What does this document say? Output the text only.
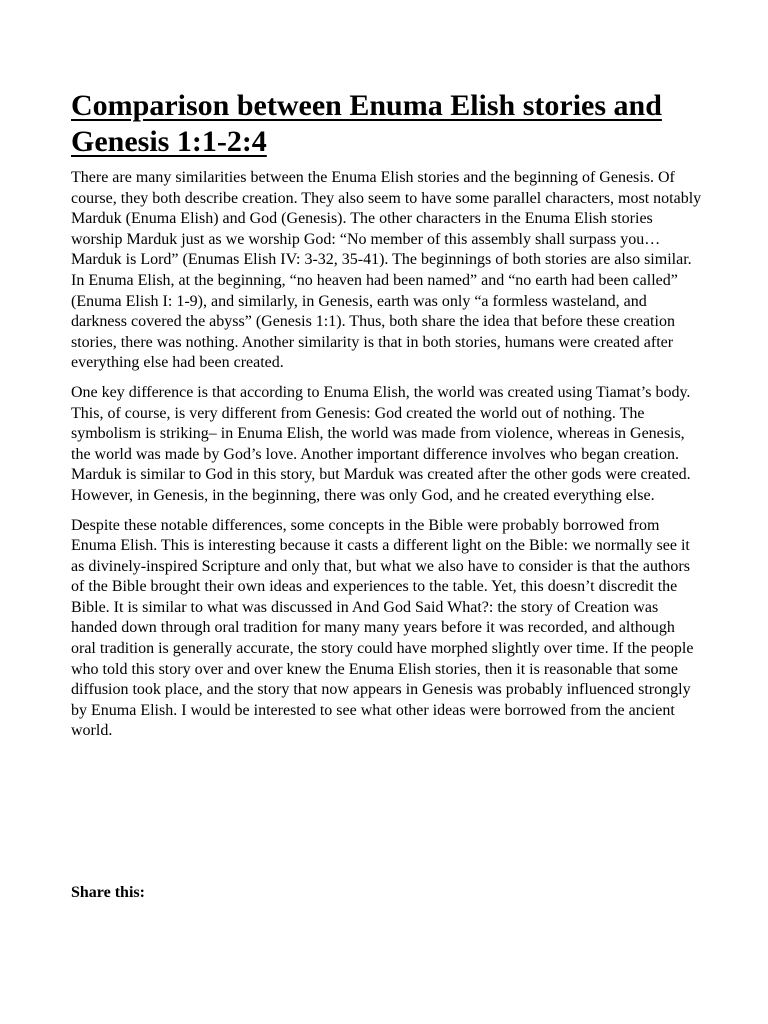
Comparison between Enuma Elish stories and Genesis 1:1-2:4

There are many similarities between the Enuma Elish stories and the beginning of Genesis. Of course, they both describe creation. They also seem to have some parallel characters, most notably Marduk (Enuma Elish) and God (Genesis). The other characters in the Enuma Elish stories worship Marduk just as we worship God: “No member of this assembly shall surpass you…Marduk is Lord” (Enumas Elish IV: 3-32, 35-41). The beginnings of both stories are also similar. In Enuma Elish, at the beginning, “no heaven had been named” and “no earth had been called” (Enuma Elish I: 1-9), and similarly, in Genesis, earth was only “a formless wasteland, and darkness covered the abyss” (Genesis 1:1). Thus, both share the idea that before these creation stories, there was nothing. Another similarity is that in both stories, humans were created after everything else had been created.

One key difference is that according to Enuma Elish, the world was created using Tiamat’s body. This, of course, is very different from Genesis: God created the world out of nothing. The symbolism is striking– in Enuma Elish, the world was made from violence, whereas in Genesis, the world was made by God’s love. Another important difference involves who began creation. Marduk is similar to God in this story, but Marduk was created after the other gods were created. However, in Genesis, in the beginning, there was only God, and he created everything else.

Despite these notable differences, some concepts in the Bible were probably borrowed from Enuma Elish. This is interesting because it casts a different light on the Bible: we normally see it as divinely-inspired Scripture and only that, but what we also have to consider is that the authors of the Bible brought their own ideas and experiences to the table. Yet, this doesn’t discredit the Bible. It is similar to what was discussed in And God Said What?: the story of Creation was handed down through oral tradition for many many years before it was recorded, and although oral tradition is generally accurate, the story could have morphed slightly over time. If the people who told this story over and over knew the Enuma Elish stories, then it is reasonable that some diffusion took place, and the story that now appears in Genesis was probably influenced strongly by Enuma Elish. I would be interested to see what other ideas were borrowed from the ancient world.

Share this:
